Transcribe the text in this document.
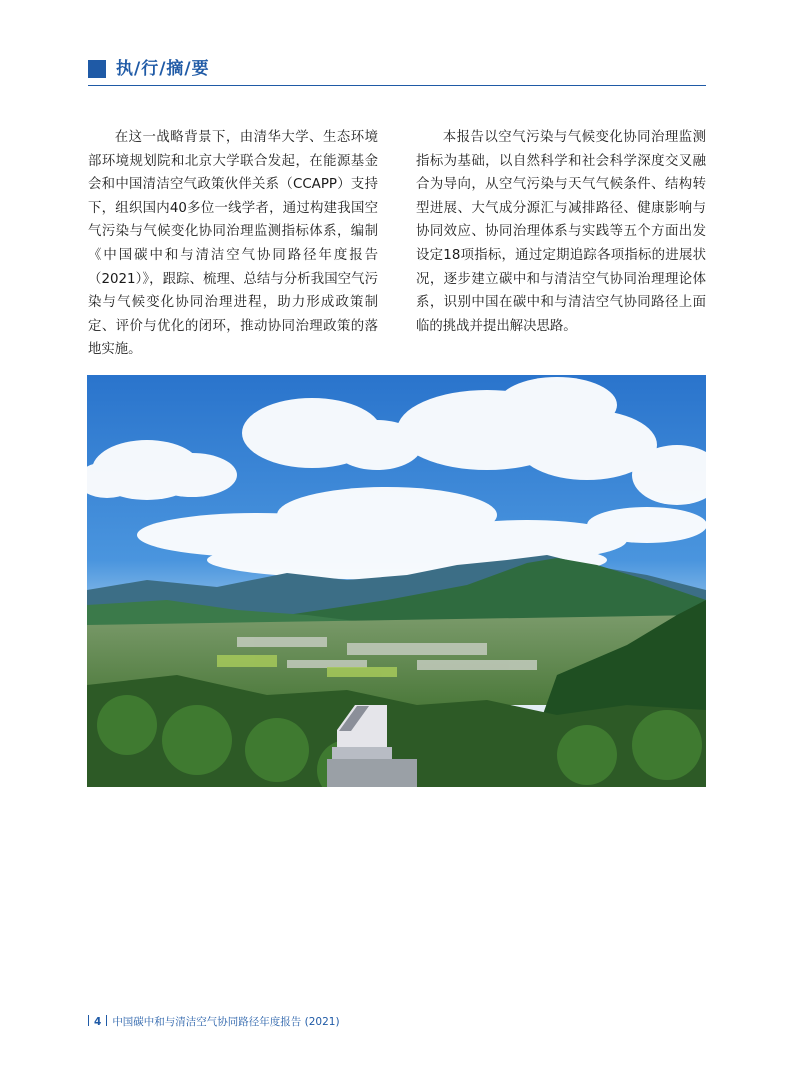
执/行/摘/要
在这一战略背景下，由清华大学、生态环境部环境规划院和北京大学联合发起，在能源基金会和中国清洁空气政策伙伴关系（CCAPP）支持下，组织国内40多位一线学者，通过构建我国空气污染与气候变化协同治理监测指标体系，编制《中国碳中和与清洁空气协同路径年度报告（2021）》，跟踪、梳理、总结与分析我国空气污染与气候变化协同治理进程，助力形成政策制定、评价与优化的闭环，推动协同治理政策的落地实施。
本报告以空气污染与气候变化协同治理监测指标为基础，以自然科学和社会科学深度交叉融合为导向，从空气污染与天气气候条件、结构转型进展、大气成分源汇与减排路径、健康影响与协同效应、协同治理体系与实践等五个方面出发设定18项指标，通过定期追踪各项指标的进展状况，逐步建立碳中和与清洁空气协同治理理论体系，识别中国在碳中和与清洁空气协同路径上面临的挑战并提出解决思路。
4 中国碳中和与清洁空气协同路径年度报告 (2021)
